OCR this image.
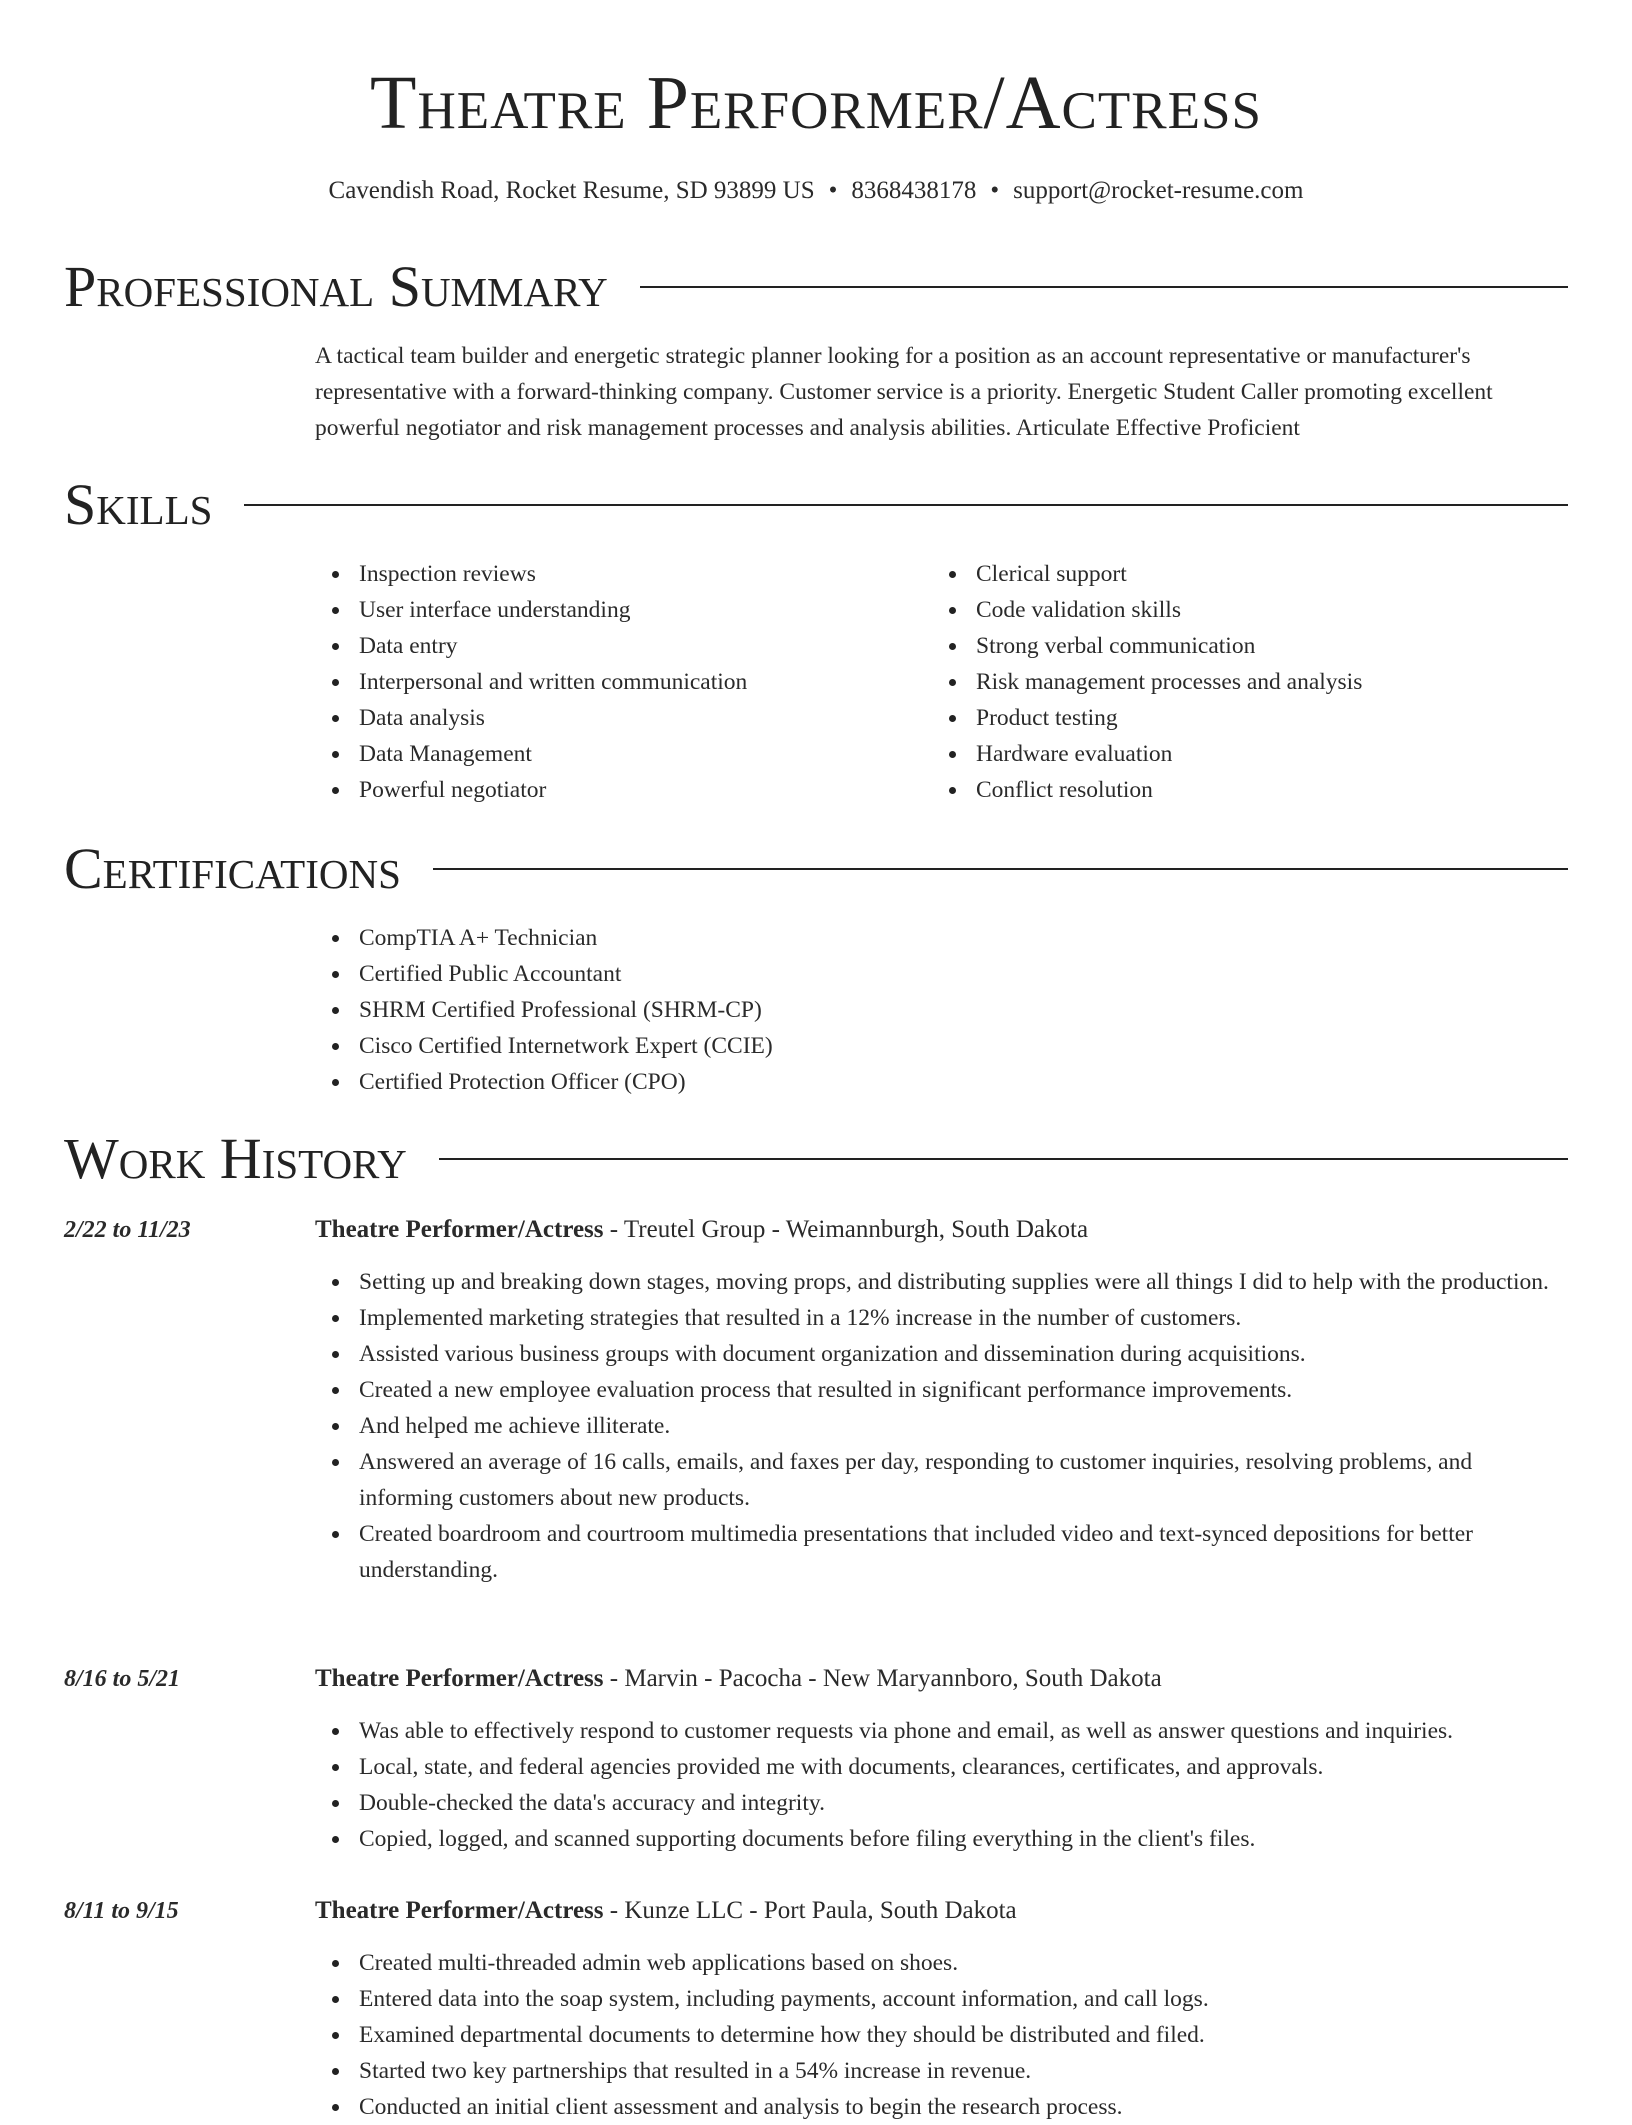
Theatre Performer/Actress
Cavendish Road, Rocket Resume, SD 93899 US • 8368438178 • support@rocket-resume.com
Professional Summary

A tactical team builder and energetic strategic planner looking for a position as an account representative or manufacturer's representative with a forward-thinking company. Customer service is a priority. Energetic Student Caller promoting excellent powerful negotiator and risk management processes and analysis abilities. Articulate Effective Proficient

Skills
Inspection reviews
User interface understanding
Data entry
Interpersonal and written communication
Data analysis
Data Management
Powerful negotiator
Clerical support
Code validation skills
Strong verbal communication
Risk management processes and analysis
Product testing
Hardware evaluation
Conflict resolution
Certifications
CompTIA A+ Technician
Certified Public Accountant
SHRM Certified Professional (SHRM-CP)
Cisco Certified Internetwork Expert (CCIE)
Certified Protection Officer (CPO)
Work History
2/22 to 11/23	Theatre Performer/Actress - Treutel Group - Weimannburgh, South Dakota
Setting up and breaking down stages, moving props, and distributing supplies were all things I did to help with the production.
Implemented marketing strategies that resulted in a 12% increase in the number of customers.
Assisted various business groups with document organization and dissemination during acquisitions.
Created a new employee evaluation process that resulted in significant performance improvements.
And helped me achieve illiterate.
Answered an average of 16 calls, emails, and faxes per day, responding to customer inquiries, resolving problems, and informing customers about new products.
Created boardroom and courtroom multimedia presentations that included video and text-synced depositions for better understanding.
8/16 to 5/21	Theatre Performer/Actress - Marvin - Pacocha - New Maryannboro, South Dakota
Was able to effectively respond to customer requests via phone and email, as well as answer questions and inquiries.
Local, state, and federal agencies provided me with documents, clearances, certificates, and approvals.
Double-checked the data's accuracy and integrity.
Copied, logged, and scanned supporting documents before filing everything in the client's files.
8/11 to 9/15	Theatre Performer/Actress - Kunze LLC - Port Paula, South Dakota
Created multi-threaded admin web applications based on shoes.
Entered data into the soap system, including payments, account information, and call logs.
Examined departmental documents to determine how they should be distributed and filed.
Started two key partnerships that resulted in a 54% increase in revenue.
Conducted an initial client assessment and analysis to begin the research process.
